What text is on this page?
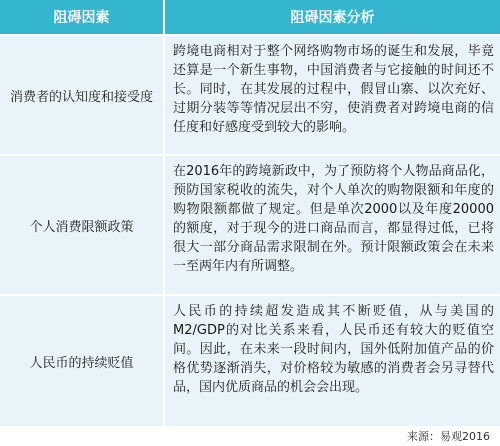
阻碍因素	阻碍因素分析
消费者的认知度和接受度
跨境电商相对于整个网络购物市场的诞生和发展，毕竟还算是一个新生事物，中国消费者与它接触的时间还不长。同时，在其发展的过程中，假冒山寨、以次充好、过期分装等等情况层出不穷，使消费者对跨境电商的信任度和好感度受到较大的影响。
个人消费限额政策
在2016年的跨境新政中，为了预防将个人物品商品化，预防国家税收的流失，对个人单次的购物限额和年度的购物限额都做了规定。但是单次2000以及年度20000的额度，对于现今的进口商品而言，都显得过低，已将很大一部分商品需求限制在外。预计限额政策会在未来一至两年内有所调整。
人民币的持续贬值
人民币的持续超发造成其不断贬值，从与美国的M2/GDP的对比关系来看，人民币还有较大的贬值空间。因此，在未来一段时间内，国外低附加值产品的价格优势逐渐消失，对价格较为敏感的消费者会另寻替代品，国内优质商品的机会会出现。
来源：易观2016
